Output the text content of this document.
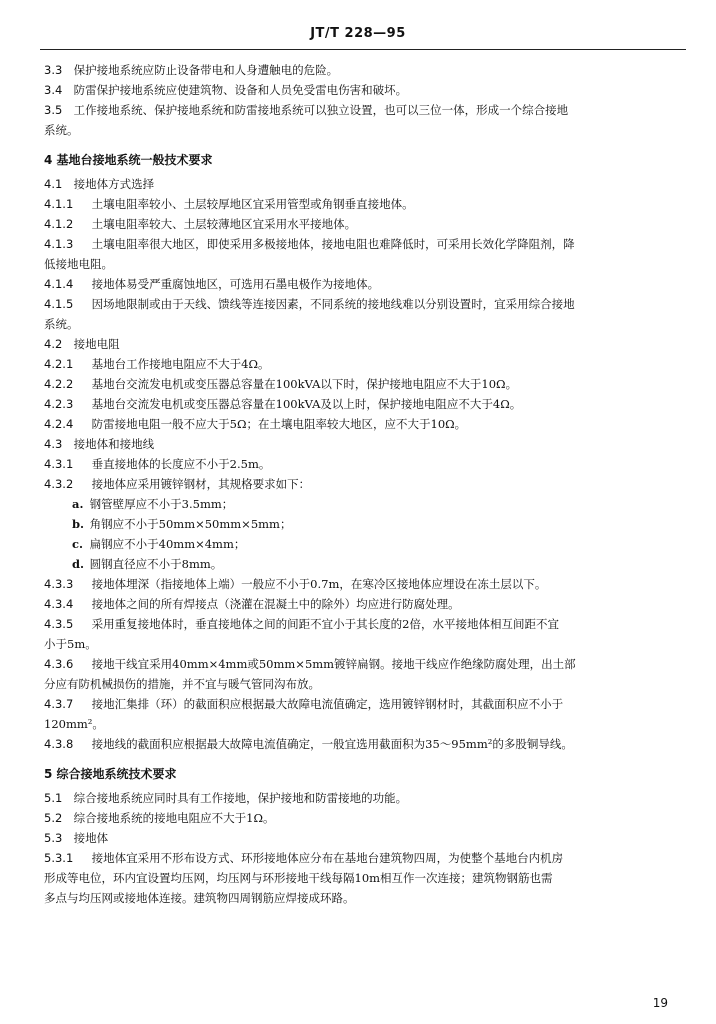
JT/T 228—95
3.3 保护接地系统应防止设备带电和人身遭触电的危险。
3.4 防雷保护接地系统应使建筑物、设备和人员免受雷电伤害和破坏。
3.5 工作接地系统、保护接地系统和防雷接地系统可以独立设置，也可以三位一体，形成一个综合接地
系统。
4 基地台接地系统一般技术要求
4.1 接地体方式选择
4.1.1 土壤电阻率较小、土层较厚地区宜采用管型或角钢垂直接地体。
4.1.2 土壤电阻率较大、土层较薄地区宜采用水平接地体。
4.1.3 土壤电阻率很大地区，即使采用多极接地体，接地电阻也难降低时，可采用长效化学降阻剂，降
低接地电阻。
4.1.4 接地体易受严重腐蚀地区，可选用石墨电极作为接地体。
4.1.5 因场地限制或由于天线、馈线等连接因素，不同系统的接地线难以分别设置时，宜采用综合接地
系统。
4.2 接地电阻
4.2.1 基地台工作接地电阻应不大于4Ω。
4.2.2 基地台交流发电机或变压器总容量在100kVA以下时，保护接地电阻应不大于10Ω。
4.2.3 基地台交流发电机或变压器总容量在100kVA及以上时，保护接地电阻应不大于4Ω。
4.2.4 防雷接地电阻一般不应大于5Ω；在土壤电阻率较大地区，应不大于10Ω。
4.3 接地体和接地线
4.3.1 垂直接地体的长度应不小于2.5m。
4.3.2 接地体应采用镀锌钢材，其规格要求如下：
a. 钢管壁厚应不小于3.5mm；
b. 角钢应不小于50mm×50mm×5mm；
c. 扁钢应不小于40mm×4mm；
d. 圆钢直径应不小于8mm。
4.3.3 接地体埋深（指接地体上端）一般应不小于0.7m，在寒冷区接地体应埋设在冻土层以下。
4.3.4 接地体之间的所有焊接点（浇灌在混凝土中的除外）均应进行防腐处理。
4.3.5 采用重复接地体时，垂直接地体之间的间距不宜小于其长度的2倍，水平接地体相互间距不宜
小于5m。
4.3.6 接地干线宜采用40mm×4mm或50mm×5mm镀锌扁钢。接地干线应作绝缘防腐处理，出土部
分应有防机械损伤的措施，并不宜与暖气管同沟布放。
4.3.7 接地汇集排（环）的截面积应根据最大故障电流值确定，选用镀锌钢材时，其截面积应不小于
120mm²。
4.3.8 接地线的截面积应根据最大故障电流值确定，一般宜选用截面积为35～95mm²的多股铜导线。
5 综合接地系统技术要求
5.1 综合接地系统应同时具有工作接地，保护接地和防雷接地的功能。
5.2 综合接地系统的接地电阻应不大于1Ω。
5.3 接地体
5.3.1 接地体宜采用不形布设方式、环形接地体应分布在基地台建筑物四周，为使整个基地台内机房
形成等电位，环内宜设置均压网，均压网与环形接地干线每隔10m相互作一次连接；建筑物钢筋也需
多点与均压网或接地体连接。建筑物四周钢筋应焊接成环路。
19
